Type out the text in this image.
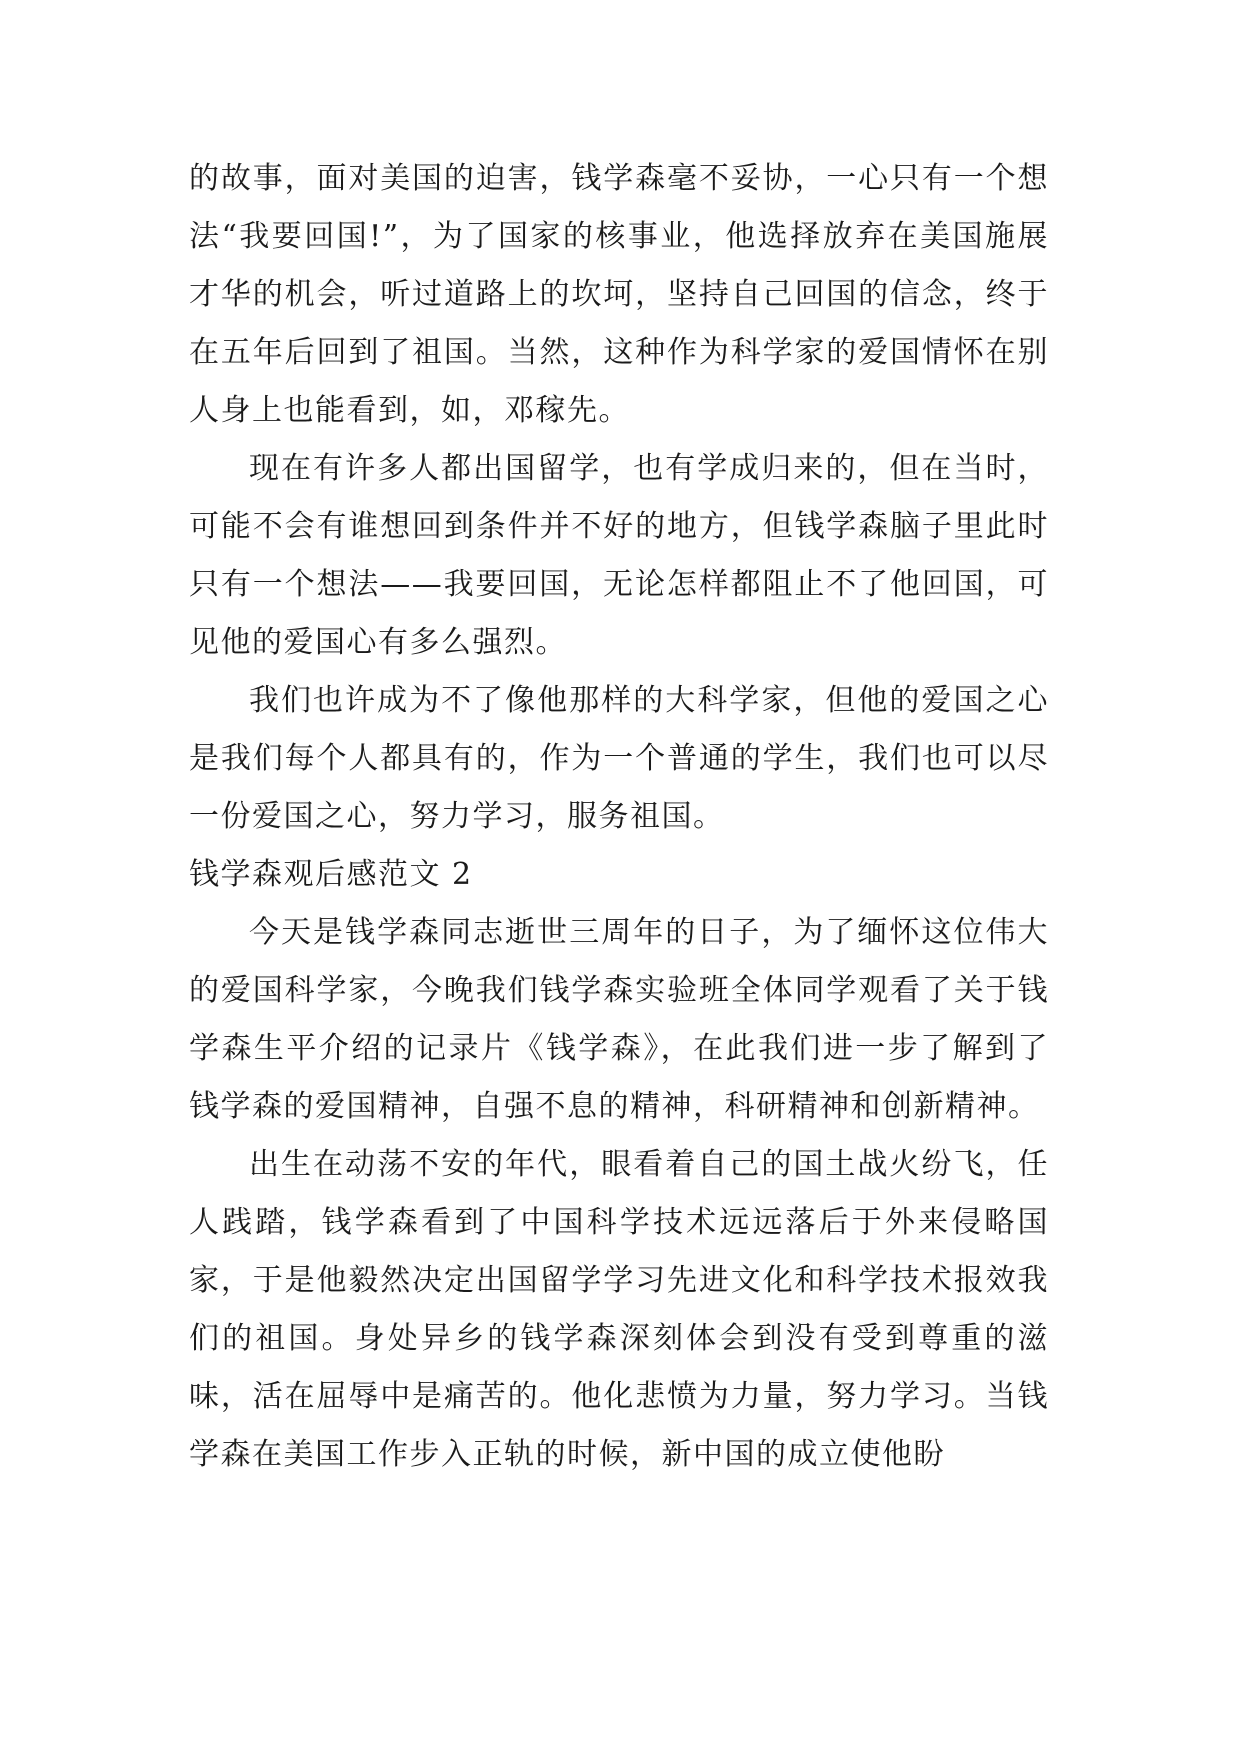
的故事，面对美国的迫害，钱学森毫不妥协，一心只有一个想法“我要回国!”，为了国家的核事业，他选择放弃在美国施展才华的机会，听过道路上的坎坷，坚持自己回国的信念，终于在五年后回到了祖国。当然，这种作为科学家的爱国情怀在别人身上也能看到，如，邓稼先。

现在有许多人都出国留学，也有学成归来的，但在当时，可能不会有谁想回到条件并不好的地方，但钱学森脑子里此时只有一个想法——我要回国，无论怎样都阻止不了他回国，可见他的爱国心有多么强烈。

我们也许成为不了像他那样的大科学家，但他的爱国之心是我们每个人都具有的，作为一个普通的学生，我们也可以尽一份爱国之心，努力学习，服务祖国。

钱学森观后感范文 2

今天是钱学森同志逝世三周年的日子，为了缅怀这位伟大的爱国科学家，今晚我们钱学森实验班全体同学观看了关于钱学森生平介绍的记录片《钱学森》，在此我们进一步了解到了钱学森的爱国精神，自强不息的精神，科研精神和创新精神。

出生在动荡不安的年代，眼看着自己的国土战火纷飞，任人践踏，钱学森看到了中国科学技术远远落后于外来侵略国家，于是他毅然决定出国留学学习先进文化和科学技术报效我们的祖国。身处异乡的钱学森深刻体会到没有受到尊重的滋味，活在屈辱中是痛苦的。他化悲愤为力量，努力学习。当钱学森在美国工作步入正轨的时候，新中国的成立使他盼
